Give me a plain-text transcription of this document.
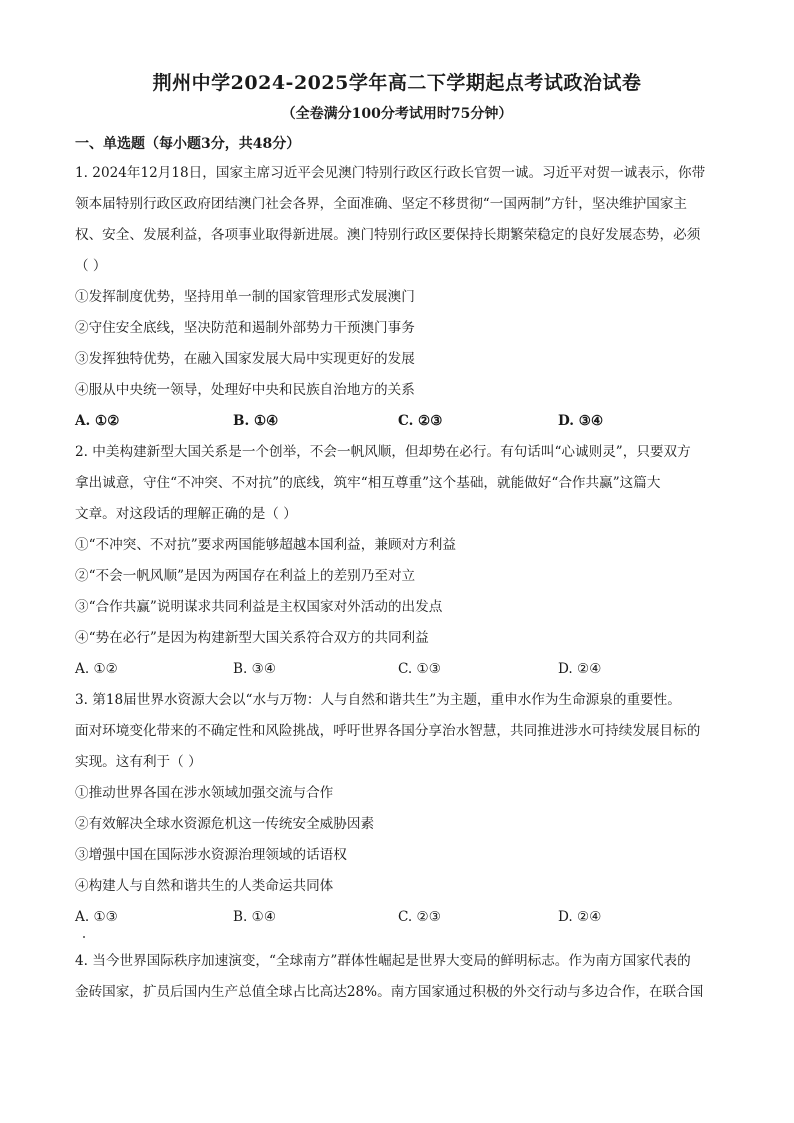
荆州中学2024-2025学年高二下学期起点考试政治试卷
（全卷满分100分考试用时75分钟）
一、单选题（每小题3分，共48分）
1. 2024年12月18日，国家主席习近平会见澳门特别行政区行政长官贺一诚。习近平对贺一诚表示，你带
领本届特别行政区政府团结澳门社会各界，全面准确、坚定不移贯彻“一国两制”方针，坚决维护国家主
权、安全、发展利益，各项事业取得新进展。澳门特别行政区要保持长期繁荣稳定的良好发展态势，必须
（ ）
①发挥制度优势，坚持用单一制的国家管理形式发展澳门
②守住安全底线，坚决防范和遏制外部势力干预澳门事务
③发挥独特优势，在融入国家发展大局中实现更好的发展
④服从中央统一领导，处理好中央和民族自治地方的关系
A. ①②	B. ①④	C. ②③	D. ③④
2. 中美构建新型大国关系是一个创举，不会一帆风顺，但却势在必行。有句话叫“心诚则灵”，只要双方
拿出诚意，守住“不冲突、不对抗”的底线，筑牢“相互尊重”这个基础，就能做好“合作共赢”这篇大
文章。对这段话的理解正确的是（ ）
①“不冲突、不对抗”要求两国能够超越本国利益，兼顾对方利益
②“不会一帆风顺”是因为两国存在利益上的差别乃至对立
③“合作共赢”说明谋求共同利益是主权国家对外活动的出发点
④“势在必行”是因为构建新型大国关系符合双方的共同利益
A. ①②	B. ③④	C. ①③	D. ②④
3. 第18届世界水资源大会以“水与万物：人与自然和谐共生”为主题，重申水作为生命源泉的重要性。
面对环境变化带来的不确定性和风险挑战，呼吁世界各国分享治水智慧，共同推进涉水可持续发展目标的
实现。这有利于（ ）
①推动世界各国在涉水领域加强交流与合作
②有效解决全球水资源危机这一传统安全威胁因素
③增强中国在国际涉水资源治理领域的话语权
④构建人与自然和谐共生的人类命运共同体
A. ①③	B. ①④	C. ②③	D. ②④
4. 当今世界国际秩序加速演变，“全球南方”群体性崛起是世界大变局的鲜明标志。作为南方国家代表的
金砖国家，扩员后国内生产总值全球占比高达28%。南方国家通过积极的外交行动与多边合作，在联合国
